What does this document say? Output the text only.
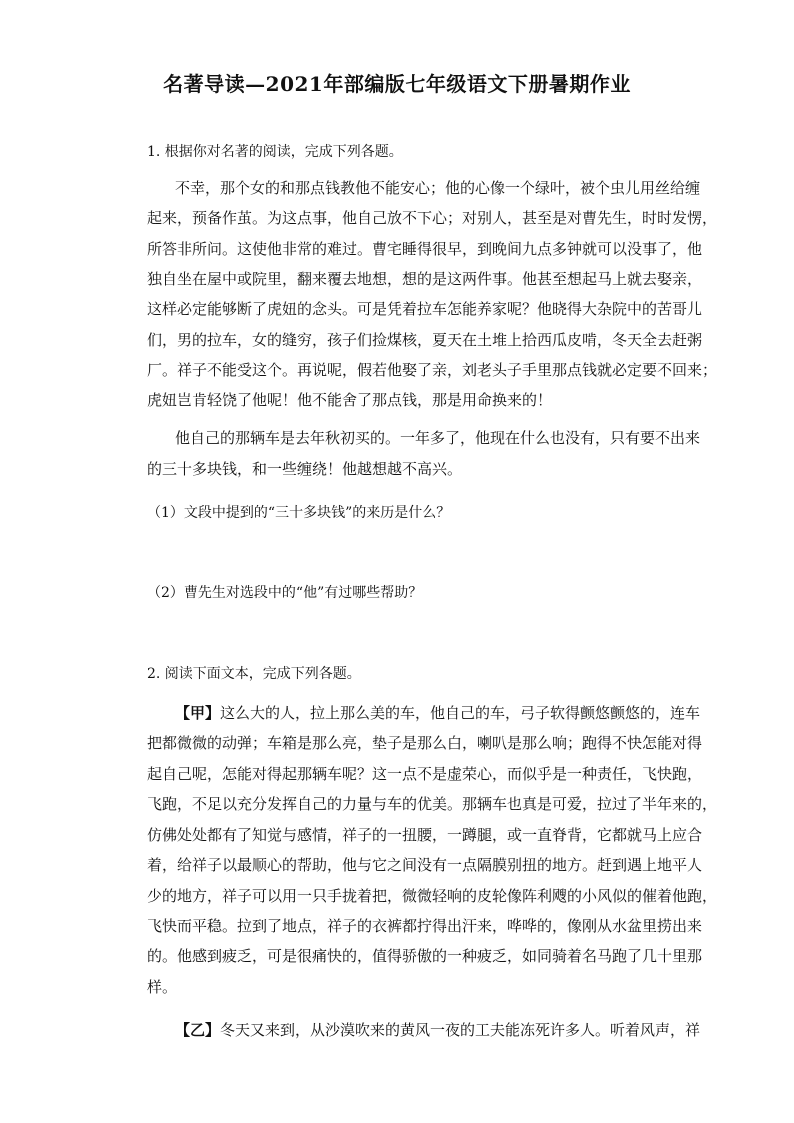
名著导读—2021年部编版七年级语文下册暑期作业
1. 根据你对名著的阅读，完成下列各题。
不幸，那个女的和那点钱教他不能安心；他的心像一个绿叶，被个虫儿用丝给缠
起来，预备作茧。为这点事，他自己放不下心；对别人，甚至是对曹先生，时时发愣，
所答非所问。这使他非常的难过。曹宅睡得很早，到晚间九点多钟就可以没事了，他
独自坐在屋中或院里，翻来覆去地想，想的是这两件事。他甚至想起马上就去娶亲，
这样必定能够断了虎妞的念头。可是凭着拉车怎能养家呢？他晓得大杂院中的苦哥儿
们，男的拉车，女的缝穷，孩子们捡煤核，夏天在土堆上拾西瓜皮啃，冬天全去赶粥
厂。祥子不能受这个。再说呢，假若他娶了亲，刘老头子手里那点钱就必定要不回来；
虎妞岂肯轻饶了他呢！他不能舍了那点钱，那是用命换来的！
他自己的那辆车是去年秋初买的。一年多了，他现在什么也没有，只有要不出来
的三十多块钱，和一些缠绕！他越想越不高兴。
（1）文段中提到的“三十多块钱”的来历是什么？
（2）曹先生对选段中的“他”有过哪些帮助？
2. 阅读下面文本，完成下列各题。
【甲】这么大的人，拉上那么美的车，他自己的车，弓子软得颤悠颤悠的，连车
把都微微的动弹；车箱是那么亮，垫子是那么白，喇叭是那么响；跑得不快怎能对得
起自己呢，怎能对得起那辆车呢？这一点不是虚荣心，而似乎是一种责任，飞快跑，
飞跑，不足以充分发挥自己的力量与车的优美。那辆车也真是可爱，拉过了半年来的，
仿佛处处都有了知觉与感情，祥子的一扭腰，一蹲腿，或一直脊背，它都就马上应合
着，给祥子以最顺心的帮助，他与它之间没有一点隔膜别扭的地方。赶到遇上地平人
少的地方，祥子可以用一只手拢着把，微微轻响的皮轮像阵利飕的小风似的催着他跑，
飞快而平稳。拉到了地点，祥子的衣裤都拧得出汗来，哗哗的，像刚从水盆里捞出来
的。他感到疲乏，可是很痛快的，值得骄傲的一种疲乏，如同骑着名马跑了几十里那
样。
【乙】冬天又来到，从沙漠吹来的黄风一夜的工夫能冻死许多人。听着风声，祥
